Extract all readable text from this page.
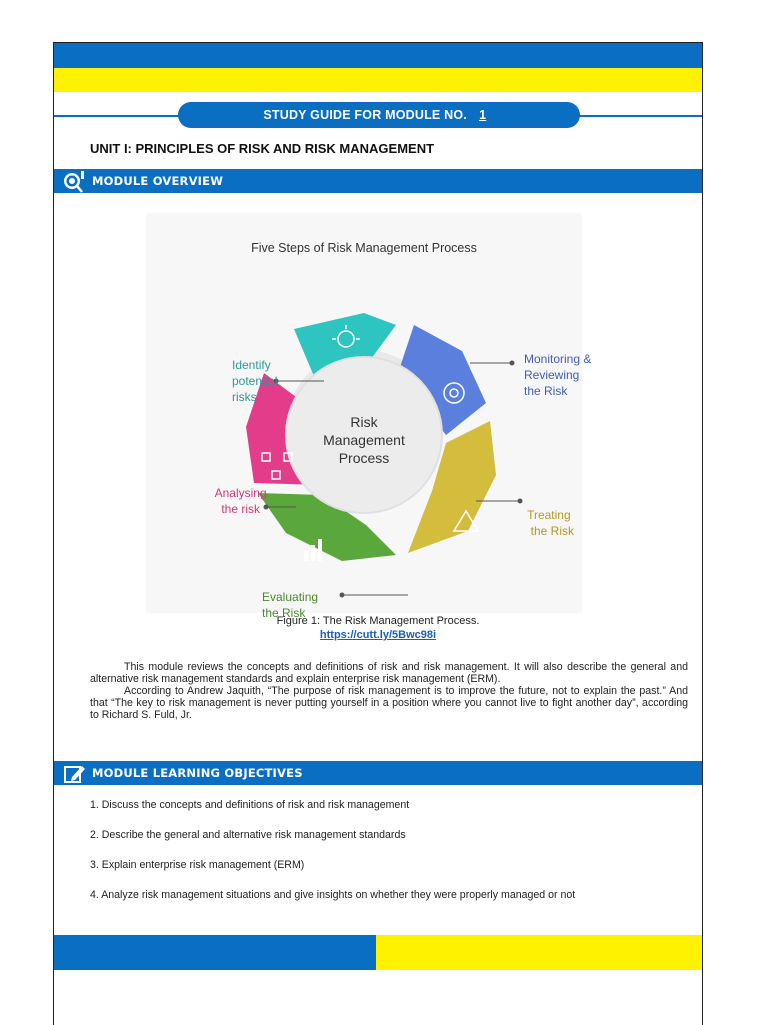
STUDY GUIDE FOR MODULE NO. 1
UNIT I: PRINCIPLES OF RISK AND RISK MANAGEMENT
MODULE OVERVIEW
Five Steps of Risk Management Process
Risk
Management
Process
Identify potential risks
Monitoring & Reviewing the Risk
Treating the Risk
Analysing the risk
Evaluating the Risk
Figure 1: The Risk Management Process.
https://cutt.ly/5Bwc98i
This module reviews the concepts and definitions of risk and risk management. It will also describe the general and alternative risk management standards and explain enterprise risk management (ERM).
According to Andrew Jaquith, “The purpose of risk management is to improve the future, not to explain the past.” And that “The key to risk management is never putting yourself in a position where you cannot live to fight another day”, according to Richard S. Fuld, Jr.
MODULE LEARNING OBJECTIVES
1. Discuss the concepts and definitions of risk and risk management
2. Describe the general and alternative risk management standards
3. Explain enterprise risk management (ERM)
4. Analyze risk management situations and give insights on whether they were properly managed or not
